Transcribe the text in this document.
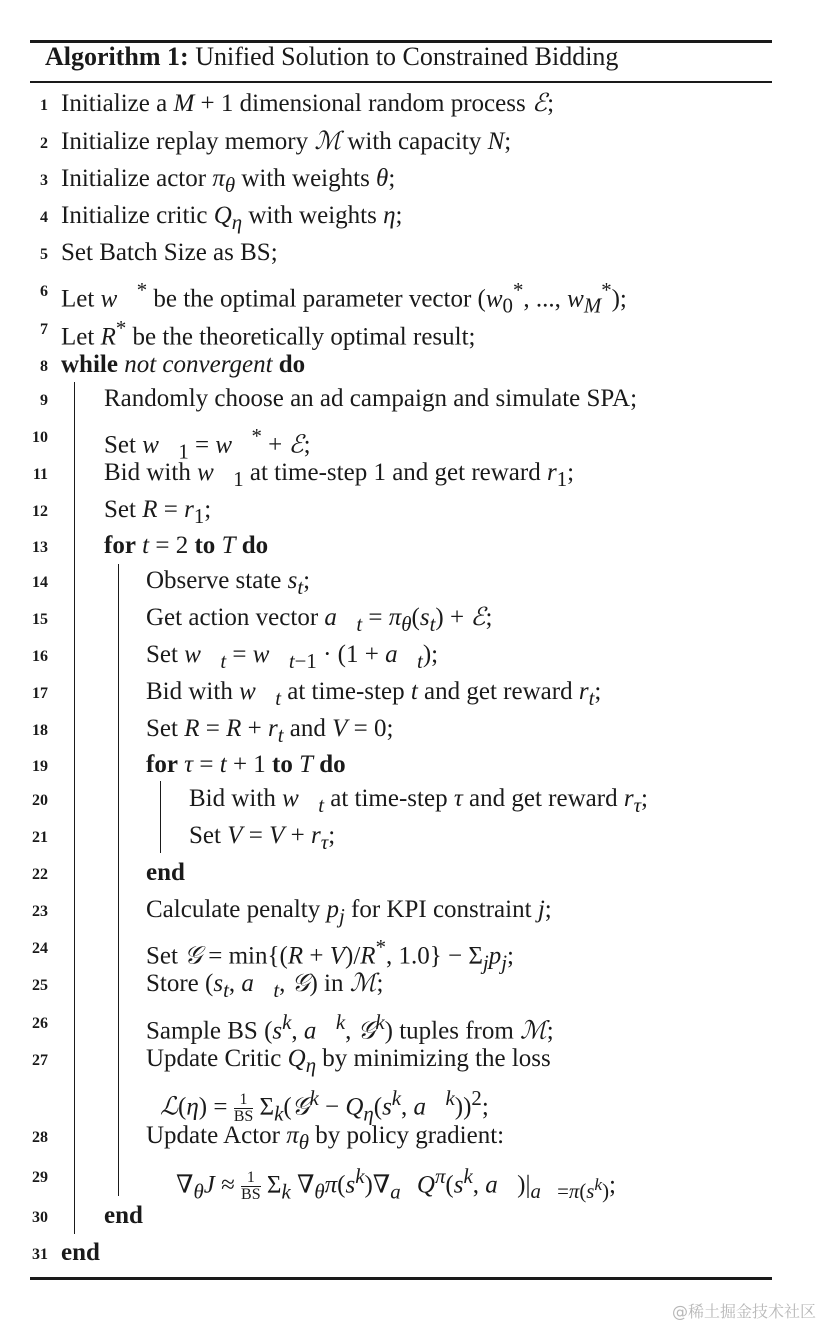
Algorithm 1: Unified Solution to Constrained Bidding
1 Initialize a M + 1 dimensional random process ℰ;
2 Initialize replay memory ℳ with capacity N;
3 Initialize actor $\pi_\theta$ with weights θ;
4 Initialize critic $Q_\eta$ with weights η;
5 Set Batch Size as BS;
6 Let w⃗* be the optimal parameter vector ($w_0^*$, ..., $w_M^*$);
7 Let R* be the theoretically optimal result;
8 while not convergent do
9 Randomly choose an ad campaign and simulate SPA;
10 Set $w⃗_1$ = w⃗* + ℰ;
11 Bid with $w⃗_1$ at time-step 1 and get reward $r_1$;
12 Set $R = r_1$;
13 for t = 2 to T do
14	Observe state $s_t$;
15	Get action vector $a⃗_t = \pi_\theta(s_t)$ + ℰ;
16	Set $w⃗_t$ = $w⃗_{t-1} \cdot (1$ + $a⃗_t$);
17	Bid with $w⃗_t$ at time-step t and get reward $r_t$;
18	Set $R = R + r_t$ and V = 0;
19	for τ = t + 1 to T do
20	Bid with $w⃗_t$ at time-step τ and get reward $r_\tau$;
21	Set $V = V + r_\tau$;
22	end
23	Calculate penalty $p_j$ for KPI constraint j;
24	Set 𝒢 = min{(R + V)/R*, $1.0\} - \Sigma_jp_j$;
25	Store ($s_t$, $a⃗_t$, 𝒢) in ℳ;
26	Sample BS ($s^k$, a⃗$^k$, 𝒢$^k$) tuples from ℳ;
27	Update Critic $Q_\eta$ by minimizing the loss
ℒ(η) = $\frac{1}{BS}$ $\Sigma_k(𝒢^k - Q_\eta(s^k$, a⃗$^k$))$^2$;
28	Update Actor $\pi_\theta$ by policy gradient:
29	$\nabla_\theta J \approx \frac{1}{BS} \Sigma_k$ $\nabla_\theta\pi(s^k)\nabla_{a⃗}Q^\pi(s^k$, $a⃗)|_{a⃗=\pi(s^k)}$;
30 end
31 end
@稀土掘金技术社区
